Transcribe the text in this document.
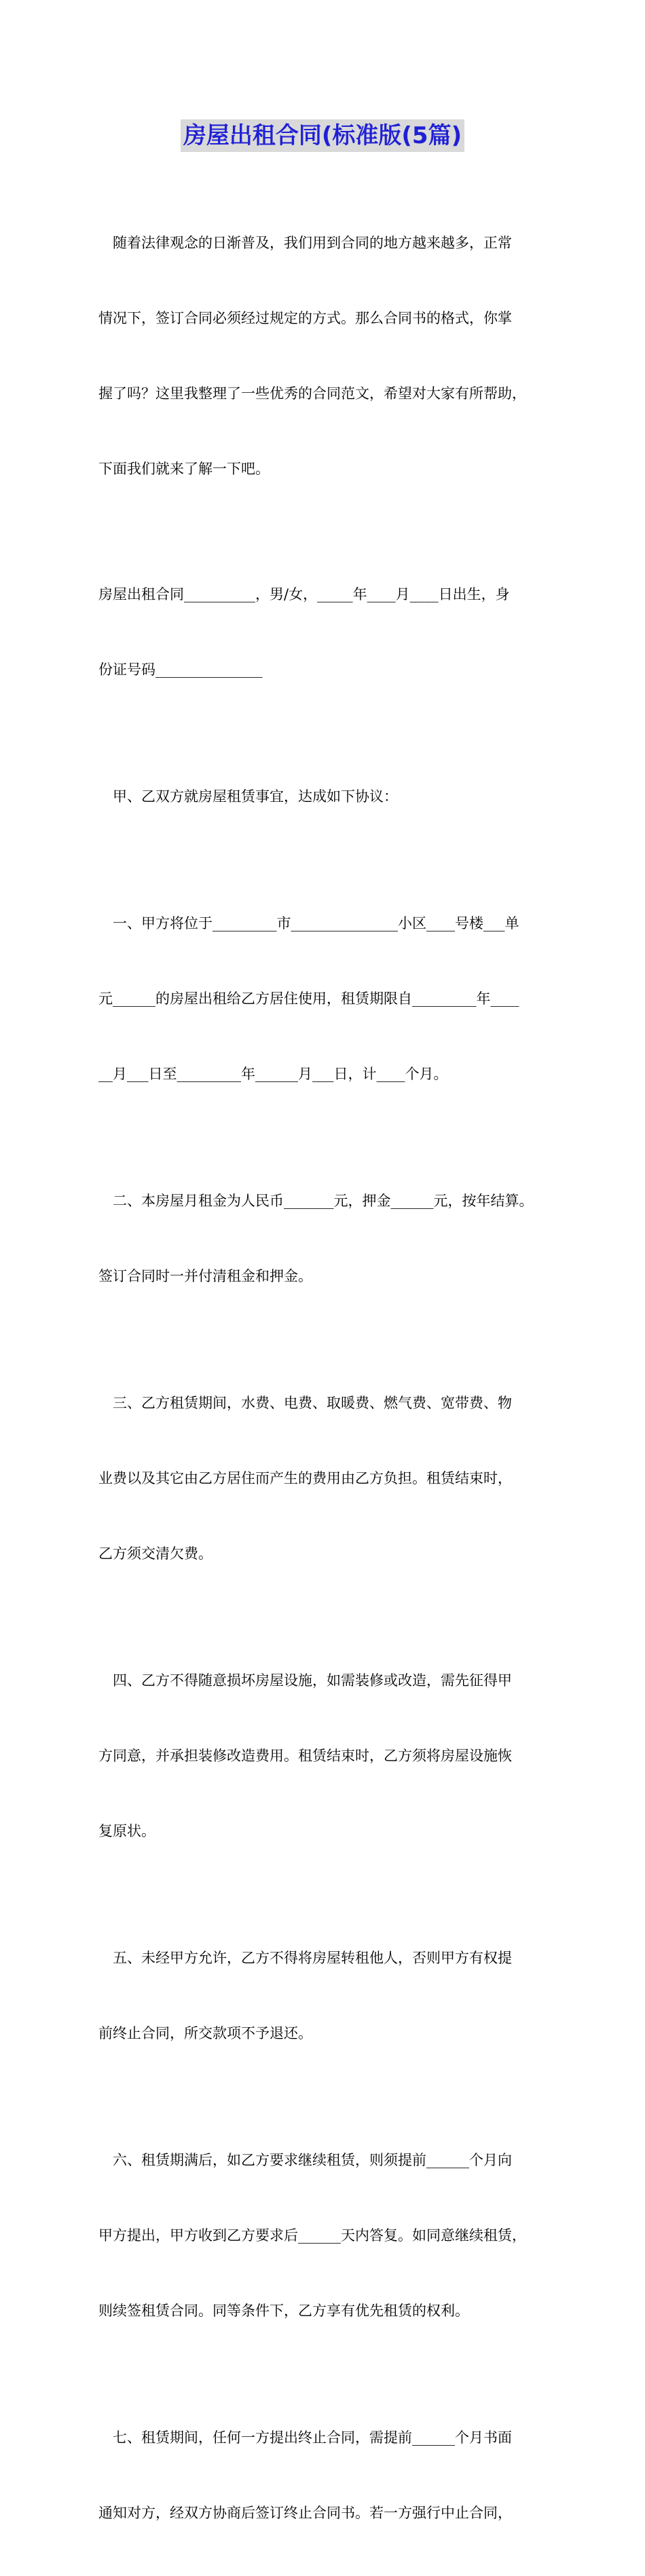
房屋出租合同(标准版(5篇)

　随着法律观念的日渐普及，我们用到合同的地方越来越多，正常

情况下，签订合同必须经过规定的方式。那么合同书的格式，你掌

握了吗？这里我整理了一些优秀的合同范文，希望对大家有所帮助，

下面我们就来了解一下吧。

房屋出租合同__________，男/女，_____年____月____日出生，身

份证号码_______________

　甲、乙双方就房屋租赁事宜，达成如下协议：

　一、甲方将位于_________市_______________小区____号楼___单

元______的房屋出租给乙方居住使用，租赁期限自_________年____

__月___日至_________年______月___日，计____个月。

　二、本房屋月租金为人民币_______元，押金______元，按年结算。

签订合同时一并付清租金和押金。

　三、乙方租赁期间，水费、电费、取暖费、燃气费、宽带费、物

业费以及其它由乙方居住而产生的费用由乙方负担。租赁结束时，

乙方须交清欠费。

　四、乙方不得随意损坏房屋设施，如需装修或改造，需先征得甲

方同意，并承担装修改造费用。租赁结束时，乙方须将房屋设施恢

复原状。

　五、未经甲方允许，乙方不得将房屋转租他人，否则甲方有权提

前终止合同，所交款项不予退还。

　六、租赁期满后，如乙方要求继续租赁，则须提前______个月向

甲方提出，甲方收到乙方要求后______天内答复。如同意继续租赁，

则续签租赁合同。同等条件下，乙方享有优先租赁的权利。

　七、租赁期间，任何一方提出终止合同，需提前______个月书面

通知对方，经双方协商后签订终止合同书。若一方强行中止合同，
